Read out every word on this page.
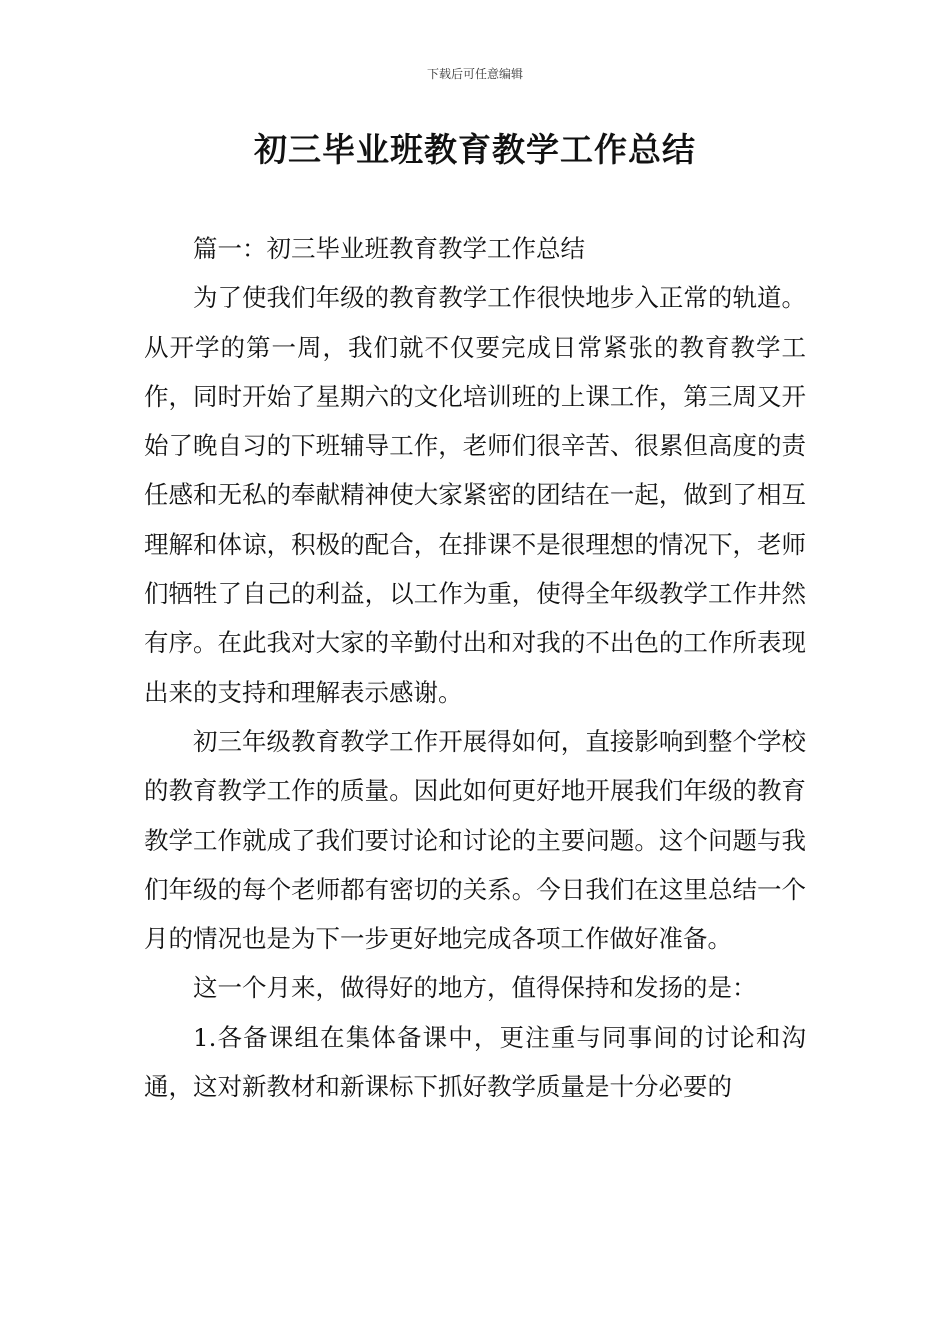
下载后可任意编辑
初三毕业班教育教学工作总结

篇一：初三毕业班教育教学工作总结

为了使我们年级的教育教学工作很快地步入正常的轨道。从开学的第一周，我们就不仅要完成日常紧张的教育教学工作，同时开始了星期六的文化培训班的上课工作，第三周又开始了晚自习的下班辅导工作，老师们很辛苦、很累但高度的责任感和无私的奉献精神使大家紧密的团结在一起，做到了相互理解和体谅，积极的配合，在排课不是很理想的情况下，老师们牺牲了自己的利益，以工作为重，使得全年级教学工作井然有序。在此我对大家的辛勤付出和对我的不出色的工作所表现出来的支持和理解表示感谢。

初三年级教育教学工作开展得如何，直接影响到整个学校的教育教学工作的质量。因此如何更好地开展我们年级的教育教学工作就成了我们要讨论和讨论的主要问题。这个问题与我们年级的每个老师都有密切的关系。今日我们在这里总结一个月的情况也是为下一步更好地完成各项工作做好准备。

这一个月来，做得好的地方，值得保持和发扬的是：

1.各备课组在集体备课中，更注重与同事间的讨论和沟通，这对新教材和新课标下抓好教学质量是十分必要的
